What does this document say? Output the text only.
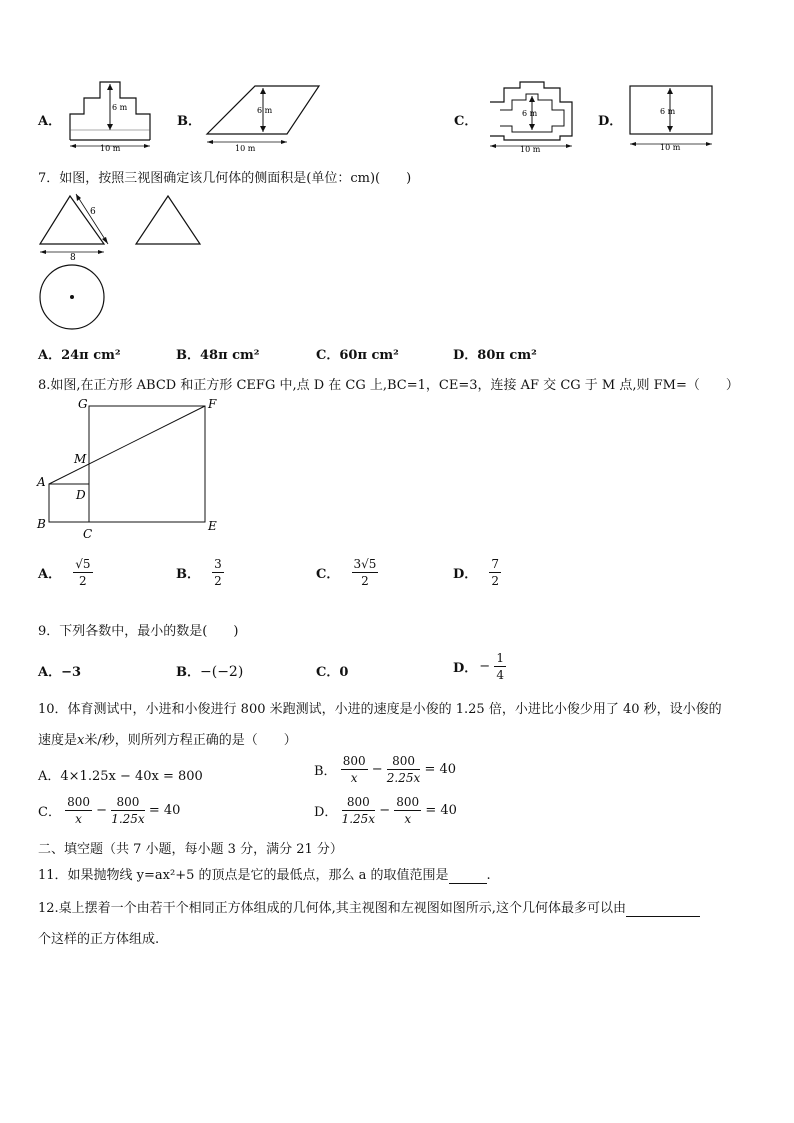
A．
6 m
10 m
B．
6 m
10 m
C．
6 m
10 m
D．
6 m
10 m
7．如图，按照三视图确定该几何体的侧面积是(单位：cm)(　　)
6
8
A．24π cm²	B．48π cm²	C．60π cm²	D．80π cm²
8.如图,在正方形 ABCD 和正方形 CEFG 中,点 D 在 CG 上,BC=1，CE=3，连接 AF 交 CG 于 M 点,则 FM=（　　）
G	F
M
A
D
B
C
E
A． $\frac{√5}{2}$	B． $\frac{3}{2}$	C． $\frac{3√5}{2}$	D． $\frac{7}{2}$
9．下列各数中，最小的数是(　　)
A．−3	B．−(−2)	C．0	D． − $\frac{1}{4}$
10．体育测试中，小进和小俊进行 800 米跑测试，小进的速度是小俊的 1.25 倍，小进比小俊少用了 40 秒，设小俊的
速度是x米/秒，则所列方程正确的是（　　）
A．4×1.25x − 40x = 800	B． $\frac{800}{x} - \frac{800}{2.25x} = 40$
C． $\frac{800}{x} - \frac{800}{1.25x} = 40$	D． $\frac{800}{1.25x} - \frac{800}{x} = 40$
二、填空题（共 7 小题，每小题 3 分，满分 21 分）
11．如果抛物线 y=ax²+5 的顶点是它的最低点，那么 a 的取值范围是	.
12.桌上摆着一个由若干个相同正方体组成的几何体,其主视图和左视图如图所示,这个几何体最多可以由
个这样的正方体组成.
